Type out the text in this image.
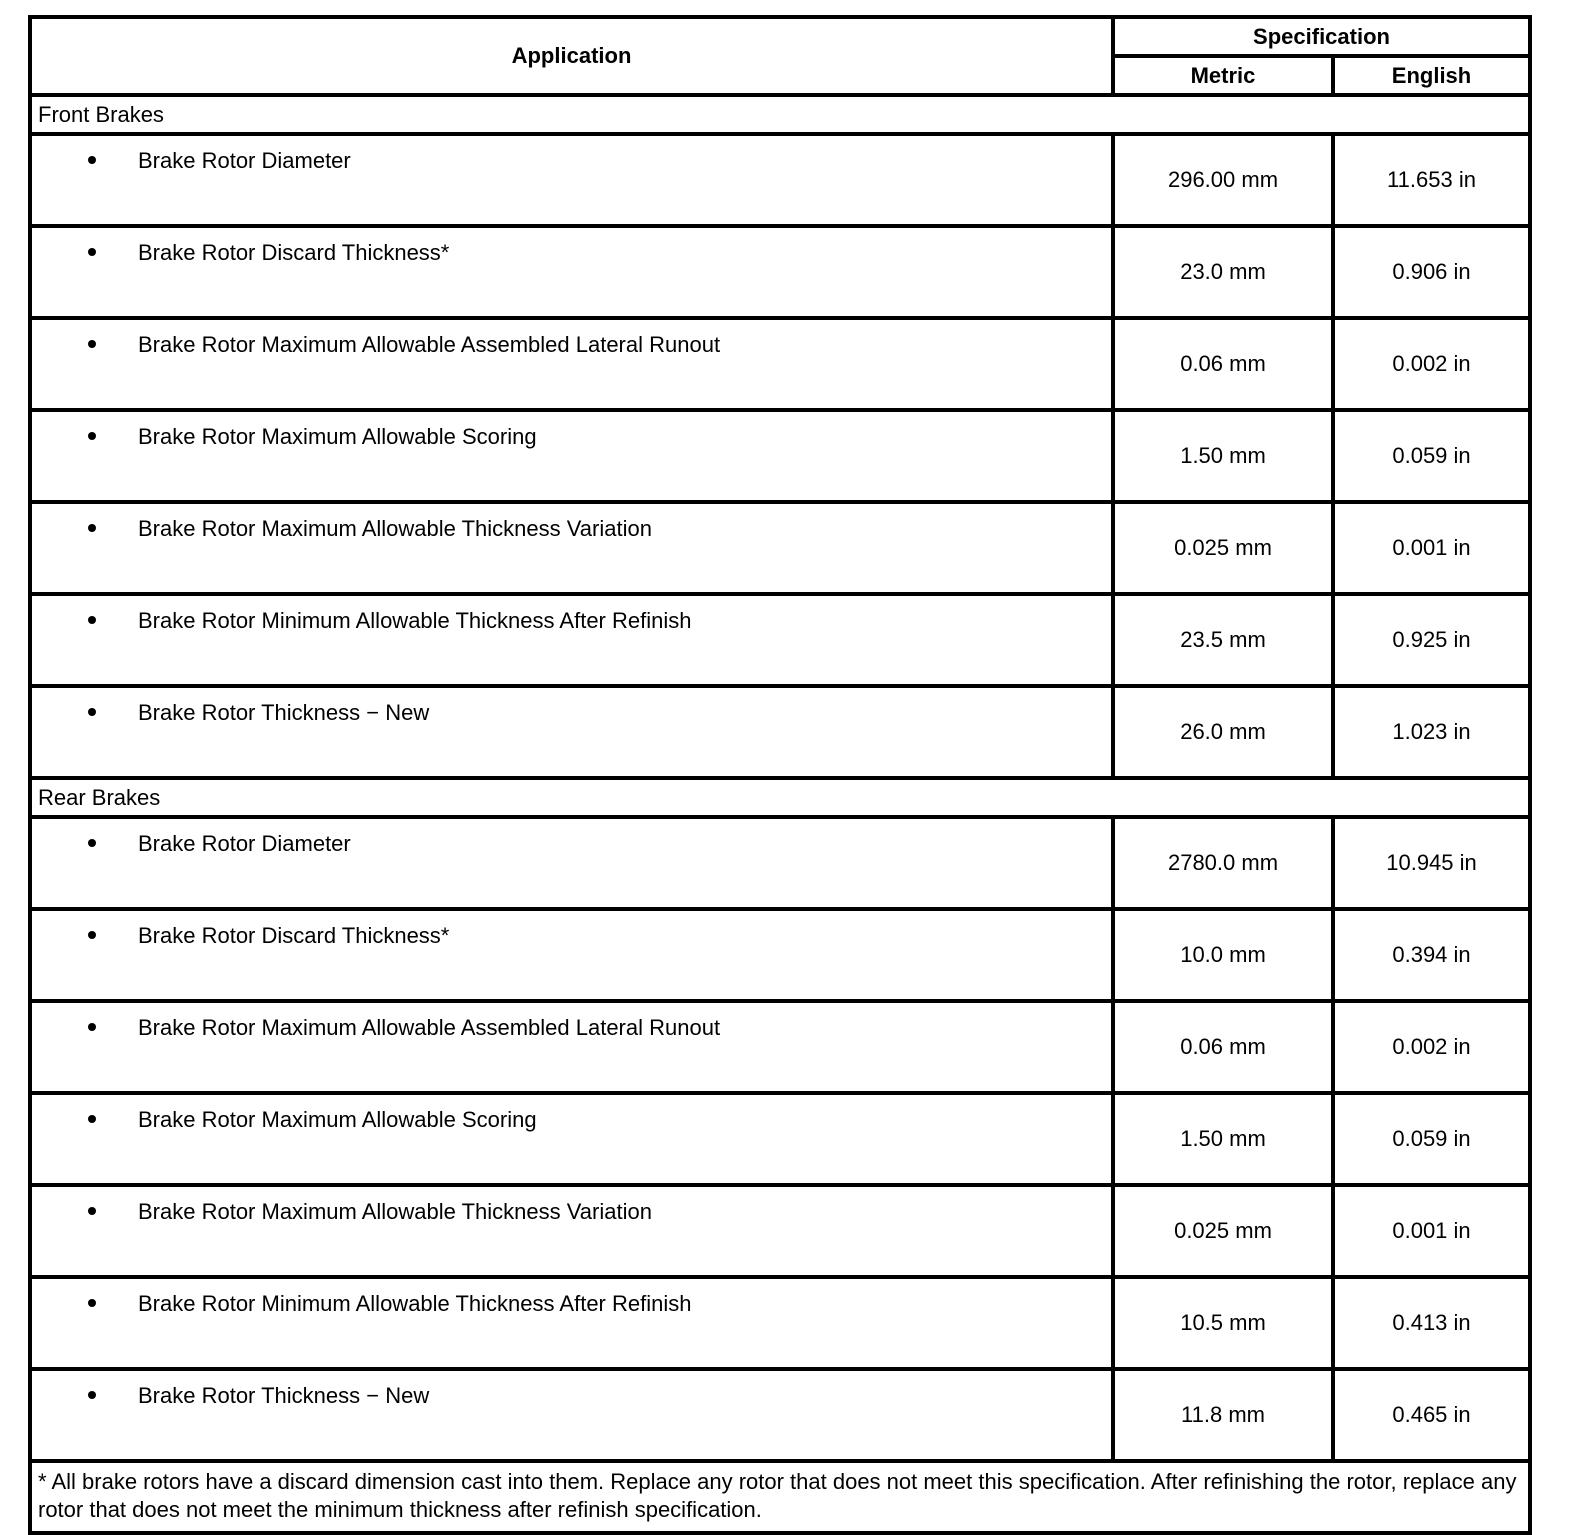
Application	Specification	
	Metric	English
Front Brakes		
Brake Rotor Diameter	296.00 mm	11.653 in
Brake Rotor Discard Thickness*	23.0 mm	0.906 in
Brake Rotor Maximum Allowable Assembled Lateral Runout	0.06 mm	0.002 in
Brake Rotor Maximum Allowable Scoring	1.50 mm	0.059 in
Brake Rotor Maximum Allowable Thickness Variation	0.025 mm	0.001 in
Brake Rotor Minimum Allowable Thickness After Refinish	23.5 mm	0.925 in
Brake Rotor Thickness − New	26.0 mm	1.023 in
Rear Brakes		
Brake Rotor Diameter	2780.0 mm	10.945 in
Brake Rotor Discard Thickness*	10.0 mm	0.394 in
Brake Rotor Maximum Allowable Assembled Lateral Runout	0.06 mm	0.002 in
Brake Rotor Maximum Allowable Scoring	1.50 mm	0.059 in
Brake Rotor Maximum Allowable Thickness Variation	0.025 mm	0.001 in
Brake Rotor Minimum Allowable Thickness After Refinish	10.5 mm	0.413 in
Brake Rotor Thickness − New	11.8 mm	0.465 in
* All brake rotors have a discard dimension cast into them. Replace any rotor that does not meet this specification. After refinishing the rotor, replace any rotor that does not meet the minimum thickness after refinish specification.		
